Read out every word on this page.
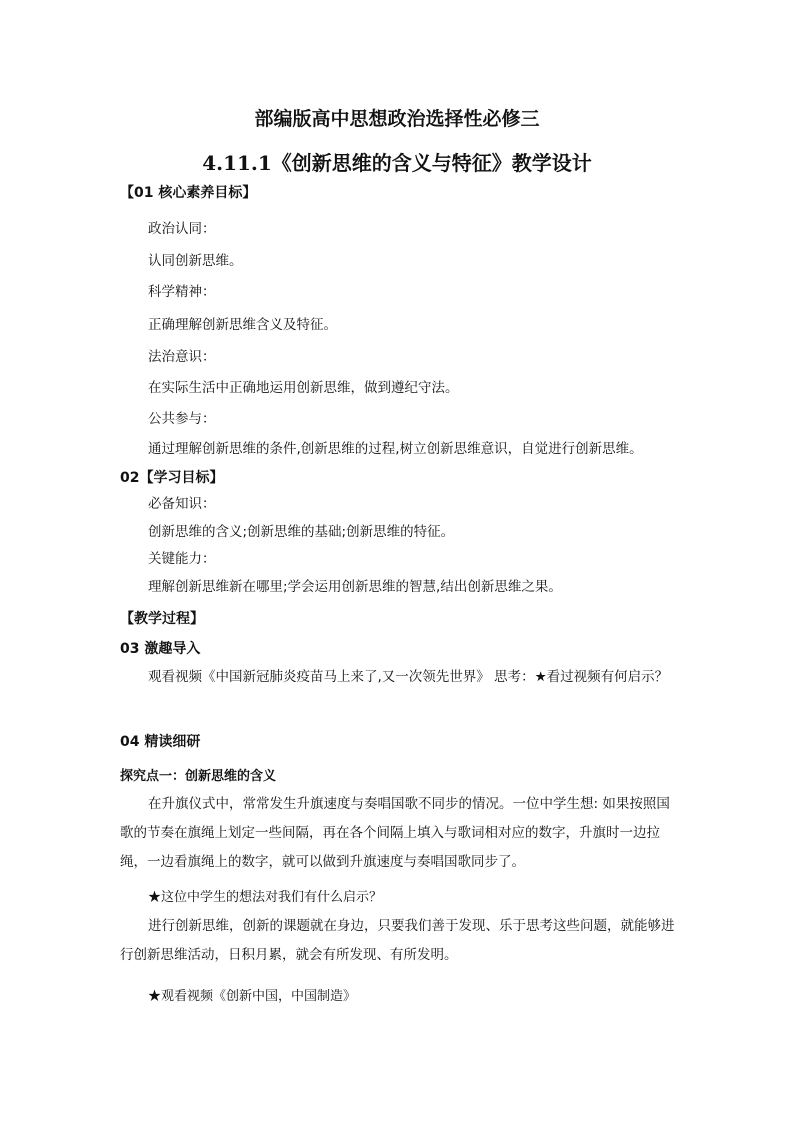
部编版高中思想政治选择性必修三
4.11.1《创新思维的含义与特征》教学设计
【01 核心素养目标】
政治认同：
认同创新思维。
科学精神：
正确理解创新思维含义及特征。
法治意识：
在实际生活中正确地运用创新思维，做到遵纪守法。
公共参与：
通过理解创新思维的条件,创新思维的过程,树立创新思维意识，自觉进行创新思维。
02【学习目标】
必备知识：
创新思维的含义;创新思维的基础;创新思维的特征。
关键能力：
理解创新思维新在哪里;学会运用创新思维的智慧,结出创新思维之果。
【教学过程】
03 激趣导入
观看视频《中国新冠肺炎疫苗马上来了,又一次领先世界》 思考：★看过视频有何启示？
04 精读细研
探究点一：创新思维的含义
在升旗仪式中，常常发生升旗速度与奏唱国歌不同步的情况。一位中学生想: 如果按照国歌的节奏在旗绳上划定一些间隔，再在各个间隔上填入与歌词相对应的数字，升旗时一边拉绳，一边看旗绳上的数字，就可以做到升旗速度与奏唱国歌同步了。
★这位中学生的想法对我们有什么启示？
进行创新思维，创新的课题就在身边，只要我们善于发现、乐于思考这些问题，就能够进行创新思维活动，日积月累，就会有所发现、有所发明。
★观看视频《创新中国，中国制造》
